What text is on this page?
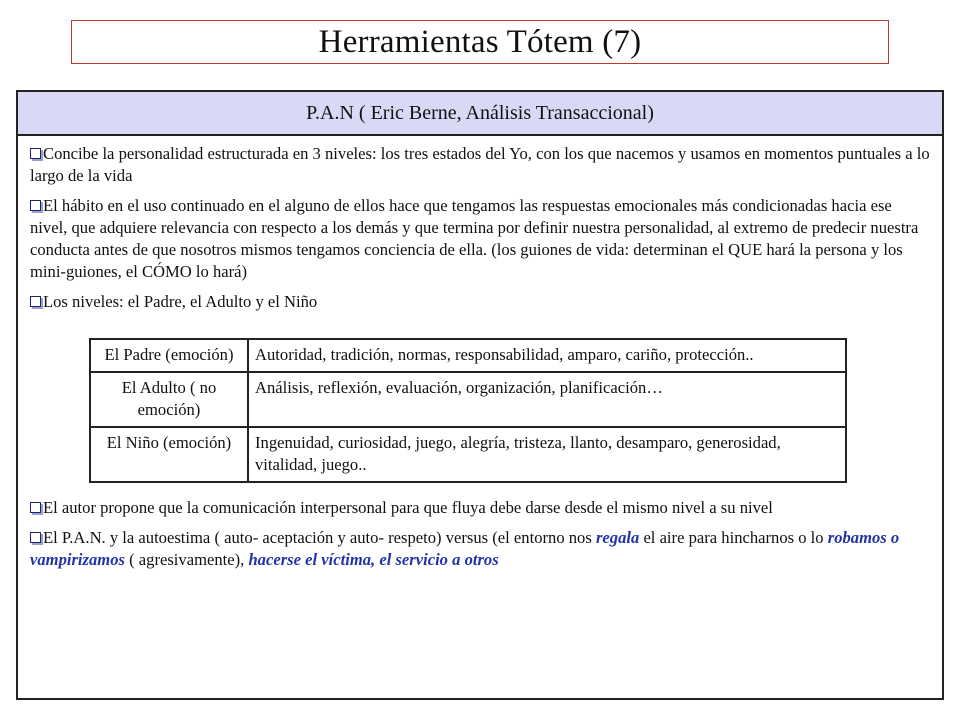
Herramientas Tótem (7)
P.A.N ( Eric Berne, Análisis Transaccional)
Concibe la personalidad estructurada en 3 niveles: los tres estados del Yo, con los que nacemos y usamos en momentos puntuales a lo largo de la vida
El hábito en el uso continuado en el alguno de ellos hace que tengamos las respuestas emocionales más condicionadas hacia ese nivel, que adquiere relevancia con respecto a los demás y que termina por definir nuestra personalidad, al extremo de predecir nuestra conducta antes de que nosotros mismos tengamos conciencia de ella. (los guiones de vida: determinan el QUE hará la persona y los mini-guiones, el CÓMO lo hará)
Los niveles: el Padre, el Adulto y el Niño
El Padre (emoción)	Autoridad, tradición, normas, responsabilidad, amparo, cariño, protección..
El Adulto ( no emoción)	Análisis, reflexión, evaluación, organización, planificación…
El Niño (emoción)	Ingenuidad, curiosidad, juego, alegría, tristeza, llanto, desamparo, generosidad, vitalidad, juego..
El autor propone que la comunicación interpersonal para que fluya debe darse desde el mismo nivel a su nivel
El P.A.N. y la autoestima ( auto- aceptación y auto- respeto) versus (el entorno nos regala el aire para hincharnos o lo robamos o vampirizamos ( agresivamente), hacerse el víctima, el servicio a otros
